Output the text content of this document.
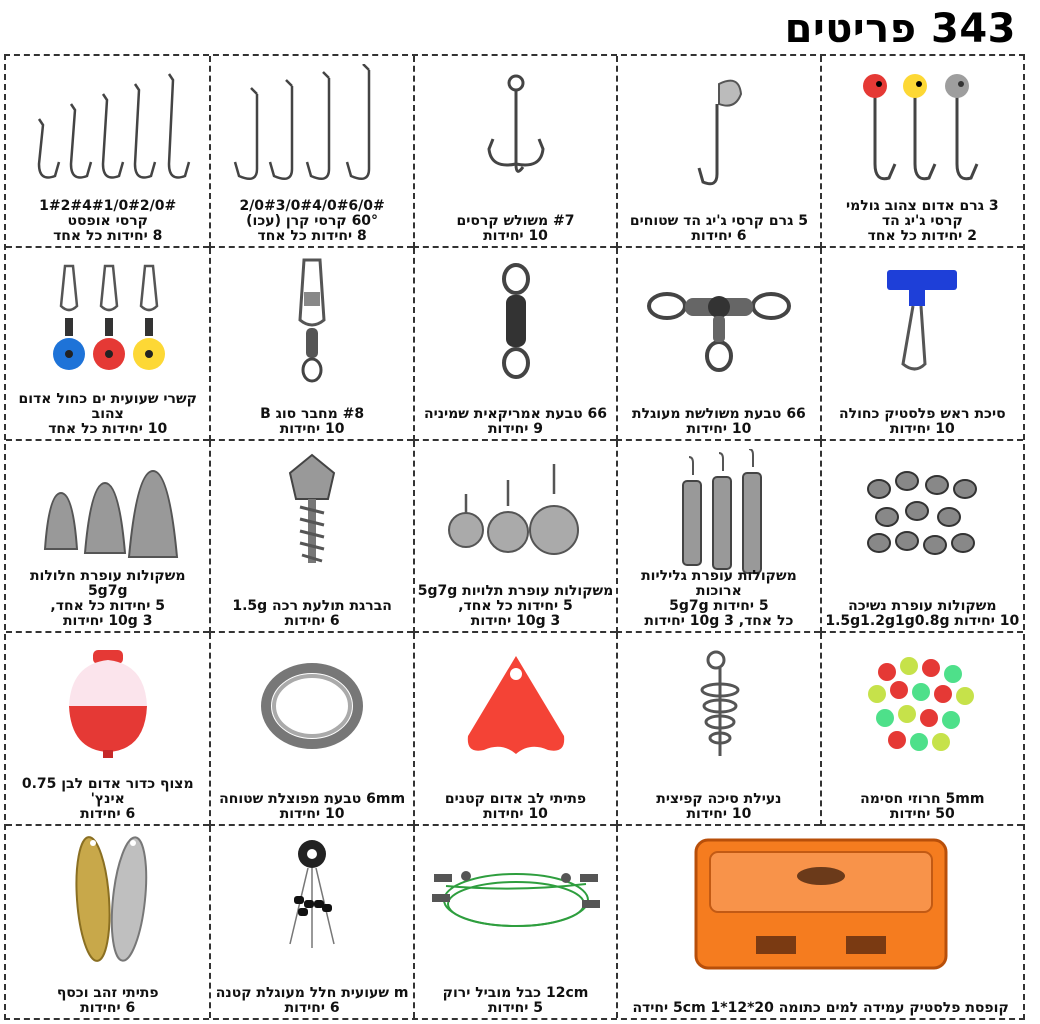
343 פריטים
3 גרם אדום צהוב גולמי
קרסי ג'יג הד
2 יחידות כל אחד
5 גרם קרסי ג'יג הד שטוחים
6 יחידות
#7 משולש קרסים
10 יחידות
2/0#3/0#4/0#6/0#
60° קרסי קרן (עכו)
8 יחידות כל אחד
1#2#4#1/0#2/0#
קרסי אופסט
8 יחידות כל אחד
סיכת ראש פלסטיק כחולה
10 יחידות
66 טבעת משולשת מעוגלת
10 יחידות
66 טבעת אמריקאית שמיניה
9 יחידות
#8 מחבר סוג B
10 יחידות
קשרי שעועית ים כחול אדום צהוב
10 יחידות כל אחד
משקולות עופרת נשיכה
10 יחידות 1.5g1.2g1g0.8g
משקולות עופרת גליליות ארוכות
5 יחידות 5g7g
כל אחד, 10g 3 יחידות
משקולות עופרת תלויות 5g7g
5 יחידות כל אחד,
10g 3 יחידות
הברגת תולעת רכה 1.5g
6 יחידות
משקולות עופרת חלולות 5g7g
5 יחידות כל אחד,
10g 3 יחידות
5mm חרוזי חסימה
50 יחידות
נעילת סיכה קפיצית
10 יחידות
פתיתי לב אדום קטנים
10 יחידות
6mm טבעת מפוצלת שטוחה
10 יחידות
מצוף כדור אדום לבן 0.75 אינץ'
6 יחידות
קופסת פלסטיק עמידה למים כתומה 20*12*5cm 1 יחידה
12cm כבל מוביל ירוק
5 יחידות
m שעועית חלל מעוגלת קטנה
6 יחידות
פתיתי זהב וכסף
6 יחידות
